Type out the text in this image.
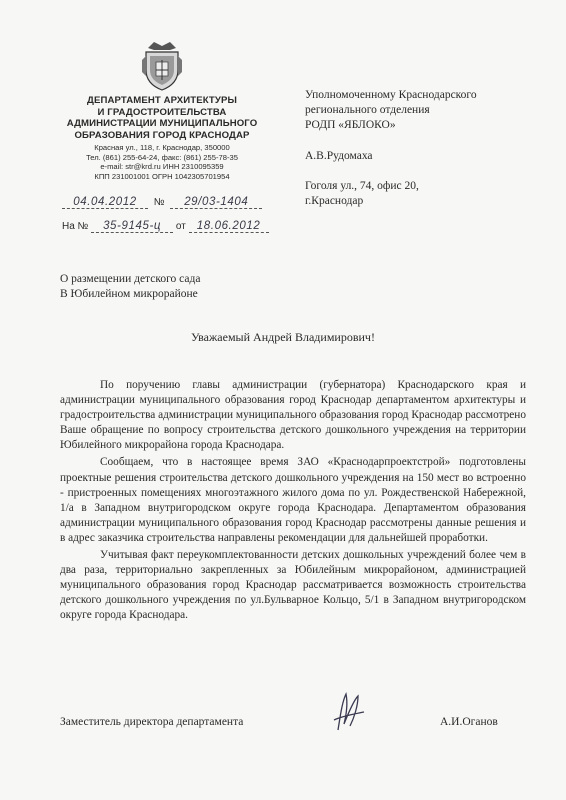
ДЕПАРТАМЕНТ АРХИТЕКТУРЫ
И ГРАДОСТРОИТЕЛЬСТВА
АДМИНИСТРАЦИИ МУНИЦИПАЛЬНОГО
ОБРАЗОВАНИЯ ГОРОД КРАСНОДАР
Красная ул., 118, г. Краснодар, 350000
Тел. (861) 255-64-24, факс: (861) 255-78-35
e-mail: str@krd.ru ИНН 2310095359
КПП 231001001 ОГРН 1042305701954
04.04.2012 № 29/03-1404
На № 35-9145-ц от 18.06.2012
Уполномоченному Краснодарского
регионального отделения
РОДП «ЯБЛОКО»
А.В.Рудомаха
Гоголя ул., 74, офис 20,
г.Краснодар
О размещении детского сада
В Юбилейном микрорайоне
Уважаемый Андрей Владимирович!

По поручению главы администрации (губернатора) Краснодарского края и администрации муниципального образования город Краснодар департаментом архитектуры и градостроительства администрации муниципального образования город Краснодар рассмотрено Ваше обращение по вопросу строительства детского дошкольного учреждения на территории Юбилейного микрорайона города Краснодара.

Сообщаем, что в настоящее время ЗАО «Краснодарпроектстрой» подготовлены проектные решения строительства детского дошкольного учреждения на 150 мест во встроенно - пристроенных помещениях многоэтажного жилого дома по ул. Рождественской Набережной, 1/а в Западном внутригородском округе города Краснодара. Департаментом образования администрации муниципального образования город Краснодар рассмотрены данные решения и в адрес заказчика строительства направлены рекомендации для дальнейшей проработки.

Учитывая факт переукомплектованности детских дошкольных учреждений более чем в два раза, территориально закрепленных за Юбилейным микрорайоном, администрацией муниципального образования город Краснодар рассматривается возможность строительства детского дошкольного учреждения по ул.Бульварное Кольцо, 5/1 в Западном внутригородском округе города Краснодара.

Заместитель директора департамента	А.И.Оганов
